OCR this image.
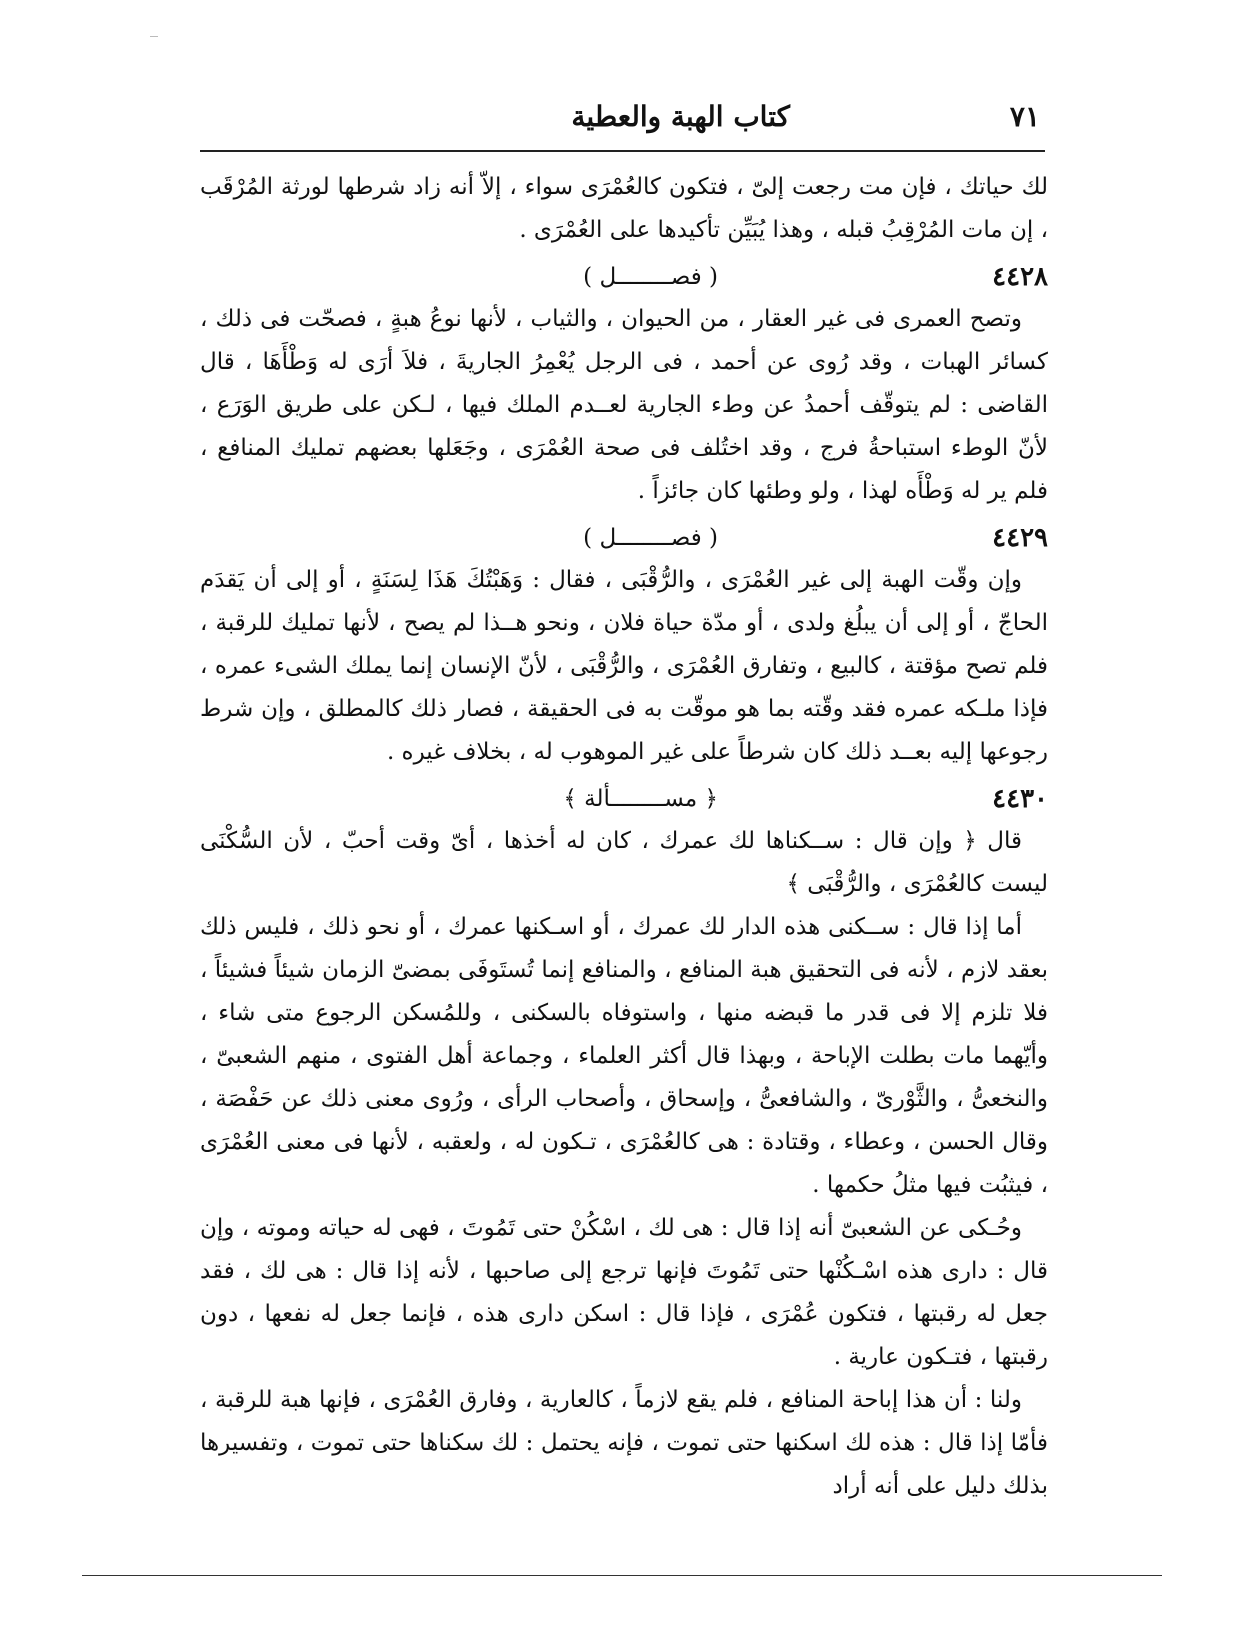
٧١
كتاب الهبة والعطية

لك حياتك ، فإن مت رجعت إلىّ ، فتكون كالعُمْرَى سواء ، إلاّ أنه زاد شرطها لورثة المُرْقَب ، إن مات المُرْقِبُ قبله ، وهذا يُبَيِّن تأكيدها على العُمْرَى .

٤٤٢٨
( فصــــــــل )

وتصح العمرى فى غير العقار ، من الحيوان ، والثياب ، لأنها نوعُ هبةٍ ، فصحّت فى ذلك ، كسائر الهبات ، وقد رُوى عن أحمد ، فى الرجل يُعْمِرُ الجاريةَ ، فلاَ أرَى له وَطْأَهَا ، قال القاضى : لم يتوقّف أحمدُ عن وطء الجارية لعــدم الملك فيها ، لـكن على طريق الوَرَع ، لأنّ الوطء استباحةُ فرج ، وقد اختُلف فى صحة العُمْرَى ، وجَعَلها بعضهم تمليك المنافع ، فلم ير له وَطْأَه لهذا ، ولو وطئها كان جائزاً .

٤٤٢٩
( فصــــــــل )

وإن وقّت الهبة إلى غير العُمْرَى ، والرُّقْبَى ، فقال : وَهَبْتُكَ هَذَا لِسَنَةٍ ، أو إلى أن يَقدَم الحاجّ ، أو إلى أن يبلُغ ولدى ، أو مدّة حياة فلان ، ونحو هــذا لم يصح ، لأنها تمليك للرقبة ، فلم تصح مؤقتة ، كالبيع ، وتفارق العُمْرَى ، والرُّقْبَى ، لأنّ الإنسان إنما يملك الشىء عمره ، فإذا ملـكه عمره فقد وقّته بما هو موقّت به فى الحقيقة ، فصار ذلك كالمطلق ، وإن شرط رجوعها إليه بعــد ذلك كان شرطاً على غير الموهوب له ، بخلاف غيره .

٤٤٣٠
﴿ مســــــــألة ﴾

قال ﴿ وإن قال : ســكناها لك عمرك ، كان له أخذها ، أىّ وقت أحبّ ، لأن السُّكْنَى ليست كالعُمْرَى ، والرُّقْبَى ﴾

أما إذا قال : ســكنى هذه الدار لك عمرك ، أو اسـكنها عمرك ، أو نحو ذلك ، فليس ذلك بعقد لازم ، لأنه فى التحقيق هبة المنافع ، والمنافع إنما تُستَوفَى بمضىّ الزمان شيئاً فشيئاً ، فلا تلزم إلا فى قدر ما قبضه منها ، واستوفاه بالسكنى ، وللمُسكن الرجوع متى شاء ، وأيّهما مات بطلت الإباحة ، وبهذا قال أكثر العلماء ، وجماعة أهل الفتوى ، منهم الشعبىّ ، والنخعىُّ ، والثَّوْرىّ ، والشافعىُّ ، وإسحاق ، وأصحاب الرأى ، ورُوى معنى ذلك عن حَفْصَة ، وقال الحسن ، وعطاء ، وقتادة : هى كالعُمْرَى ، تـكون له ، ولعقبه ، لأنها فى معنى العُمْرَى ، فيثبُت فيها مثلُ حكمها .

وحُـكى عن الشعبىّ أنه إذا قال : هى لك ، اسْكُنْ حتى تَمُوتَ ، فهى له حياته وموته ، وإن قال : دارى هذه اسْـكُنْها حتى تَمُوتَ فإنها ترجع إلى صاحبها ، لأنه إذا قال : هى لك ، فقد جعل له رقبتها ، فتكون عُمْرَى ، فإذا قال : اسكن دارى هذه ، فإنما جعل له نفعها ، دون رقبتها ، فتـكون عارية .

ولنا : أن هذا إباحة المنافع ، فلم يقع لازماً ، كالعارية ، وفارق العُمْرَى ، فإنها هبة للرقبة ، فأمّا إذا قال : هذه لك اسكنها حتى تموت ، فإنه يحتمل : لك سكناها حتى تموت ، وتفسيرها بذلك دليل على أنه أراد
